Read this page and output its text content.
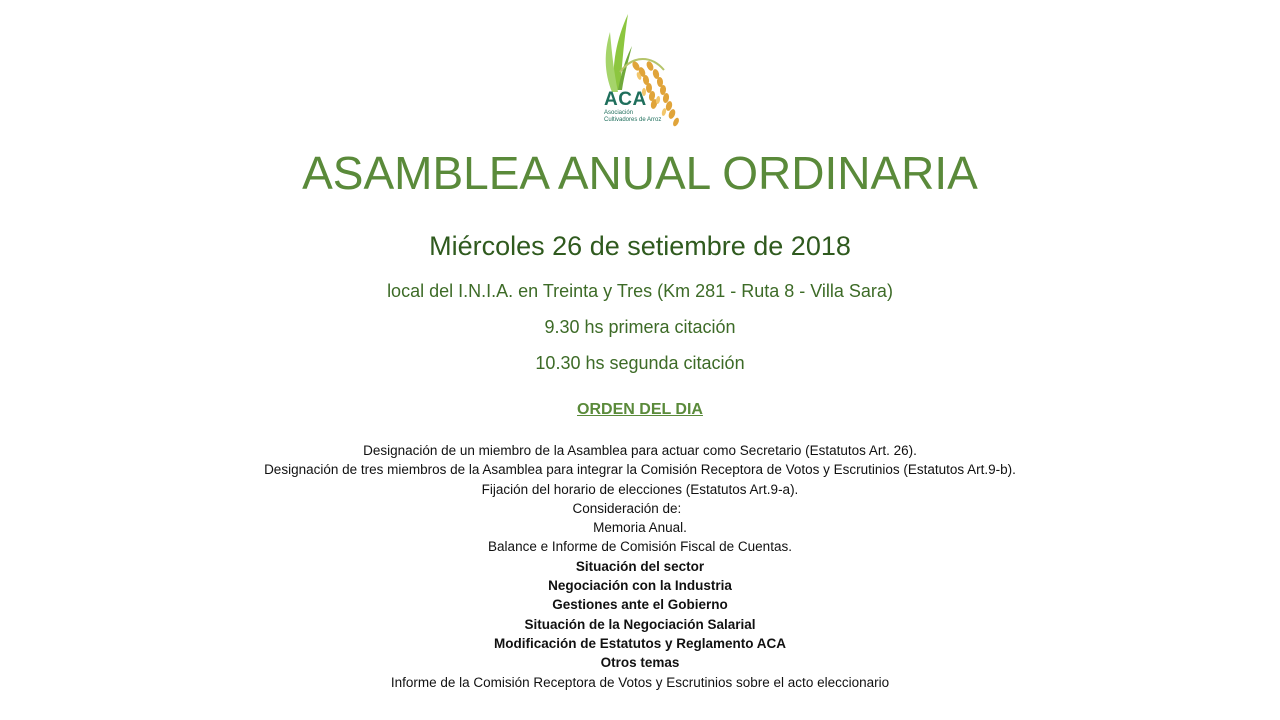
ACA
Asociación
Cultivadores de Arroz
ASAMBLEA ANUAL ORDINARIA
Miércoles 26 de setiembre de 2018
local del I.N.I.A. en Treinta y Tres (Km 281 - Ruta 8 - Villa Sara)
9.30 hs primera citación
10.30 hs segunda citación
ORDEN DEL DIA
Designación de un miembro de la Asamblea para actuar como Secretario (Estatutos Art. 26).
Designación de tres miembros de la Asamblea para integrar la Comisión Receptora de Votos y Escrutinios (Estatutos Art.9-b).
Fijación del horario de elecciones (Estatutos Art.9-a).
Consideración de:
Memoria Anual.
Balance e Informe de Comisión Fiscal de Cuentas.
Situación del sector
Negociación con la Industria
Gestiones ante el Gobierno
Situación de la Negociación Salarial
Modificación de Estatutos y Reglamento ACA
Otros temas
Informe de la Comisión Receptora de Votos y Escrutinios sobre el acto eleccionario
